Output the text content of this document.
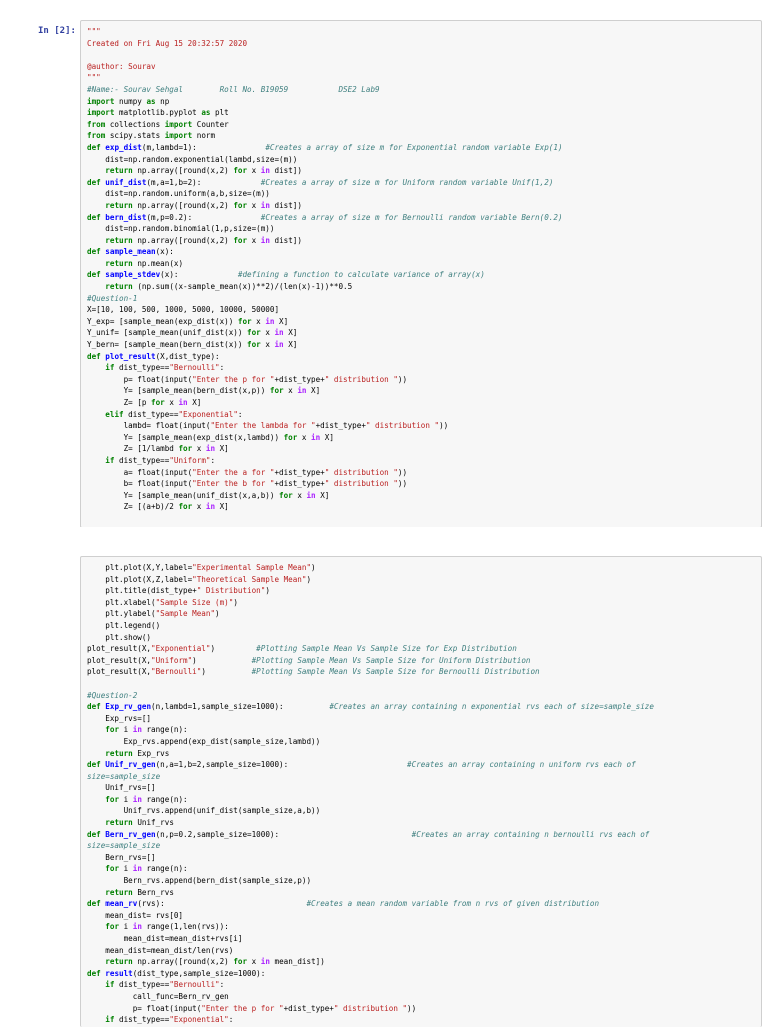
In [2]: """
Created on Fri Aug 15 20:32:57 2020
@author: Sourav
"""
#Name:- Sourav Sehgal        Roll No. B19059           DSE2 Lab9
import numpy as np
import matplotlib.pyplot as plt
from collections import Counter
from scipy.stats import norm
def exp_dist(m,lambd=1):               #Creates a array of size m for Exponential random variable Exp(1)
dist=np.random.exponential(lambd,size=(m))
return np.array([round(x,2) for x in dist])
def unif_dist(m,a=1,b=2):             #Creates a array of size m for Uniform random variable Unif(1,2)
dist=np.random.uniform(a,b,size=(m))
return np.array([round(x,2) for x in dist])
def bern_dist(m,p=0.2):               #Creates a array of size m for Bernoulli random variable Bern(0.2)
dist=np.random.binomial(1,p,size=(m))
return np.array([round(x,2) for x in dist])
def sample_mean(x):
return np.mean(x)
def sample_stdev(x):             #defining a function to calculate variance of array(x)
return (np.sum((x-sample_mean(x))**2)/(len(x)-1))**0.5
#Question-1
X=[10, 100, 500, 1000, 5000, 10000, 50000]
Y_exp= [sample_mean(exp_dist(x)) for x in X]
Y_unif= [sample_mean(unif_dist(x)) for x in X]
Y_bern= [sample_mean(bern_dist(x)) for x in X]
def plot_result(X,dist_type):
if dist_type=="Bernoulli":
p= float(input("Enter the p for "+dist_type+" distribution "))
Y= [sample_mean(bern_dist(x,p)) for x in X]
Z= [p for x in X]
elif dist_type=="Exponential":
lambd= float(input("Enter the lambda for "+dist_type+" distribution "))
Y= [sample_mean(exp_dist(x,lambd)) for x in X]
Z= [1/lambd for x in X]
if dist_type=="Uniform":
a= float(input("Enter the a for "+dist_type+" distribution "))
b= float(input("Enter the b for "+dist_type+" distribution "))
Y= [sample_mean(unif_dist(x,a,b)) for x in X]
Z= [(a+b)/2 for x in X]
plt.plot(X,Y,label="Experimental Sample Mean")
plt.plot(X,Z,label="Theoretical Sample Mean")
plt.title(dist_type+" Distribution")
plt.xlabel("Sample Size (m)")
plt.ylabel("Sample Mean")
plt.legend()
plt.show()
plot_result(X,"Exponential")         #Plotting Sample Mean Vs Sample Size for Exp Distribution
plot_result(X,"Uniform")            #Plotting Sample Mean Vs Sample Size for Uniform Distribution
plot_result(X,"Bernoulli")          #Plotting Sample Mean Vs Sample Size for Bernoulli Distribution
#Question-2
def Exp_rv_gen(n,lambd=1,sample_size=1000):          #Creates an array containing n exponential rvs each of size=sample_size
Exp_rvs=[]
for i in range(n):
Exp_rvs.append(exp_dist(sample_size,lambd))
return Exp_rvs
def Unif_rv_gen(n,a=1,b=2,sample_size=1000):                          #Creates an array containing n uniform rvs each of
size=sample_size
Unif_rvs=[]
for i in range(n):
Unif_rvs.append(unif_dist(sample_size,a,b))
return Unif_rvs
def Bern_rv_gen(n,p=0.2,sample_size=1000):                             #Creates an array containing n bernoulli rvs each of
size=sample_size
Bern_rvs=[]
for i in range(n):
Bern_rvs.append(bern_dist(sample_size,p))
return Bern_rvs
def mean_rv(rvs):                               #Creates a mean random variable from n rvs of given distribution
mean_dist= rvs[0]
for i in range(1,len(rvs)):
mean_dist=mean_dist+rvs[i]
mean_dist=mean_dist/len(rvs)
return np.array([round(x,2) for x in mean_dist])
def result(dist_type,sample_size=1000):
if dist_type=="Bernoulli":
call_func=Bern_rv_gen
p= float(input("Enter the p for "+dist_type+" distribution "))
if dist_type=="Exponential":
